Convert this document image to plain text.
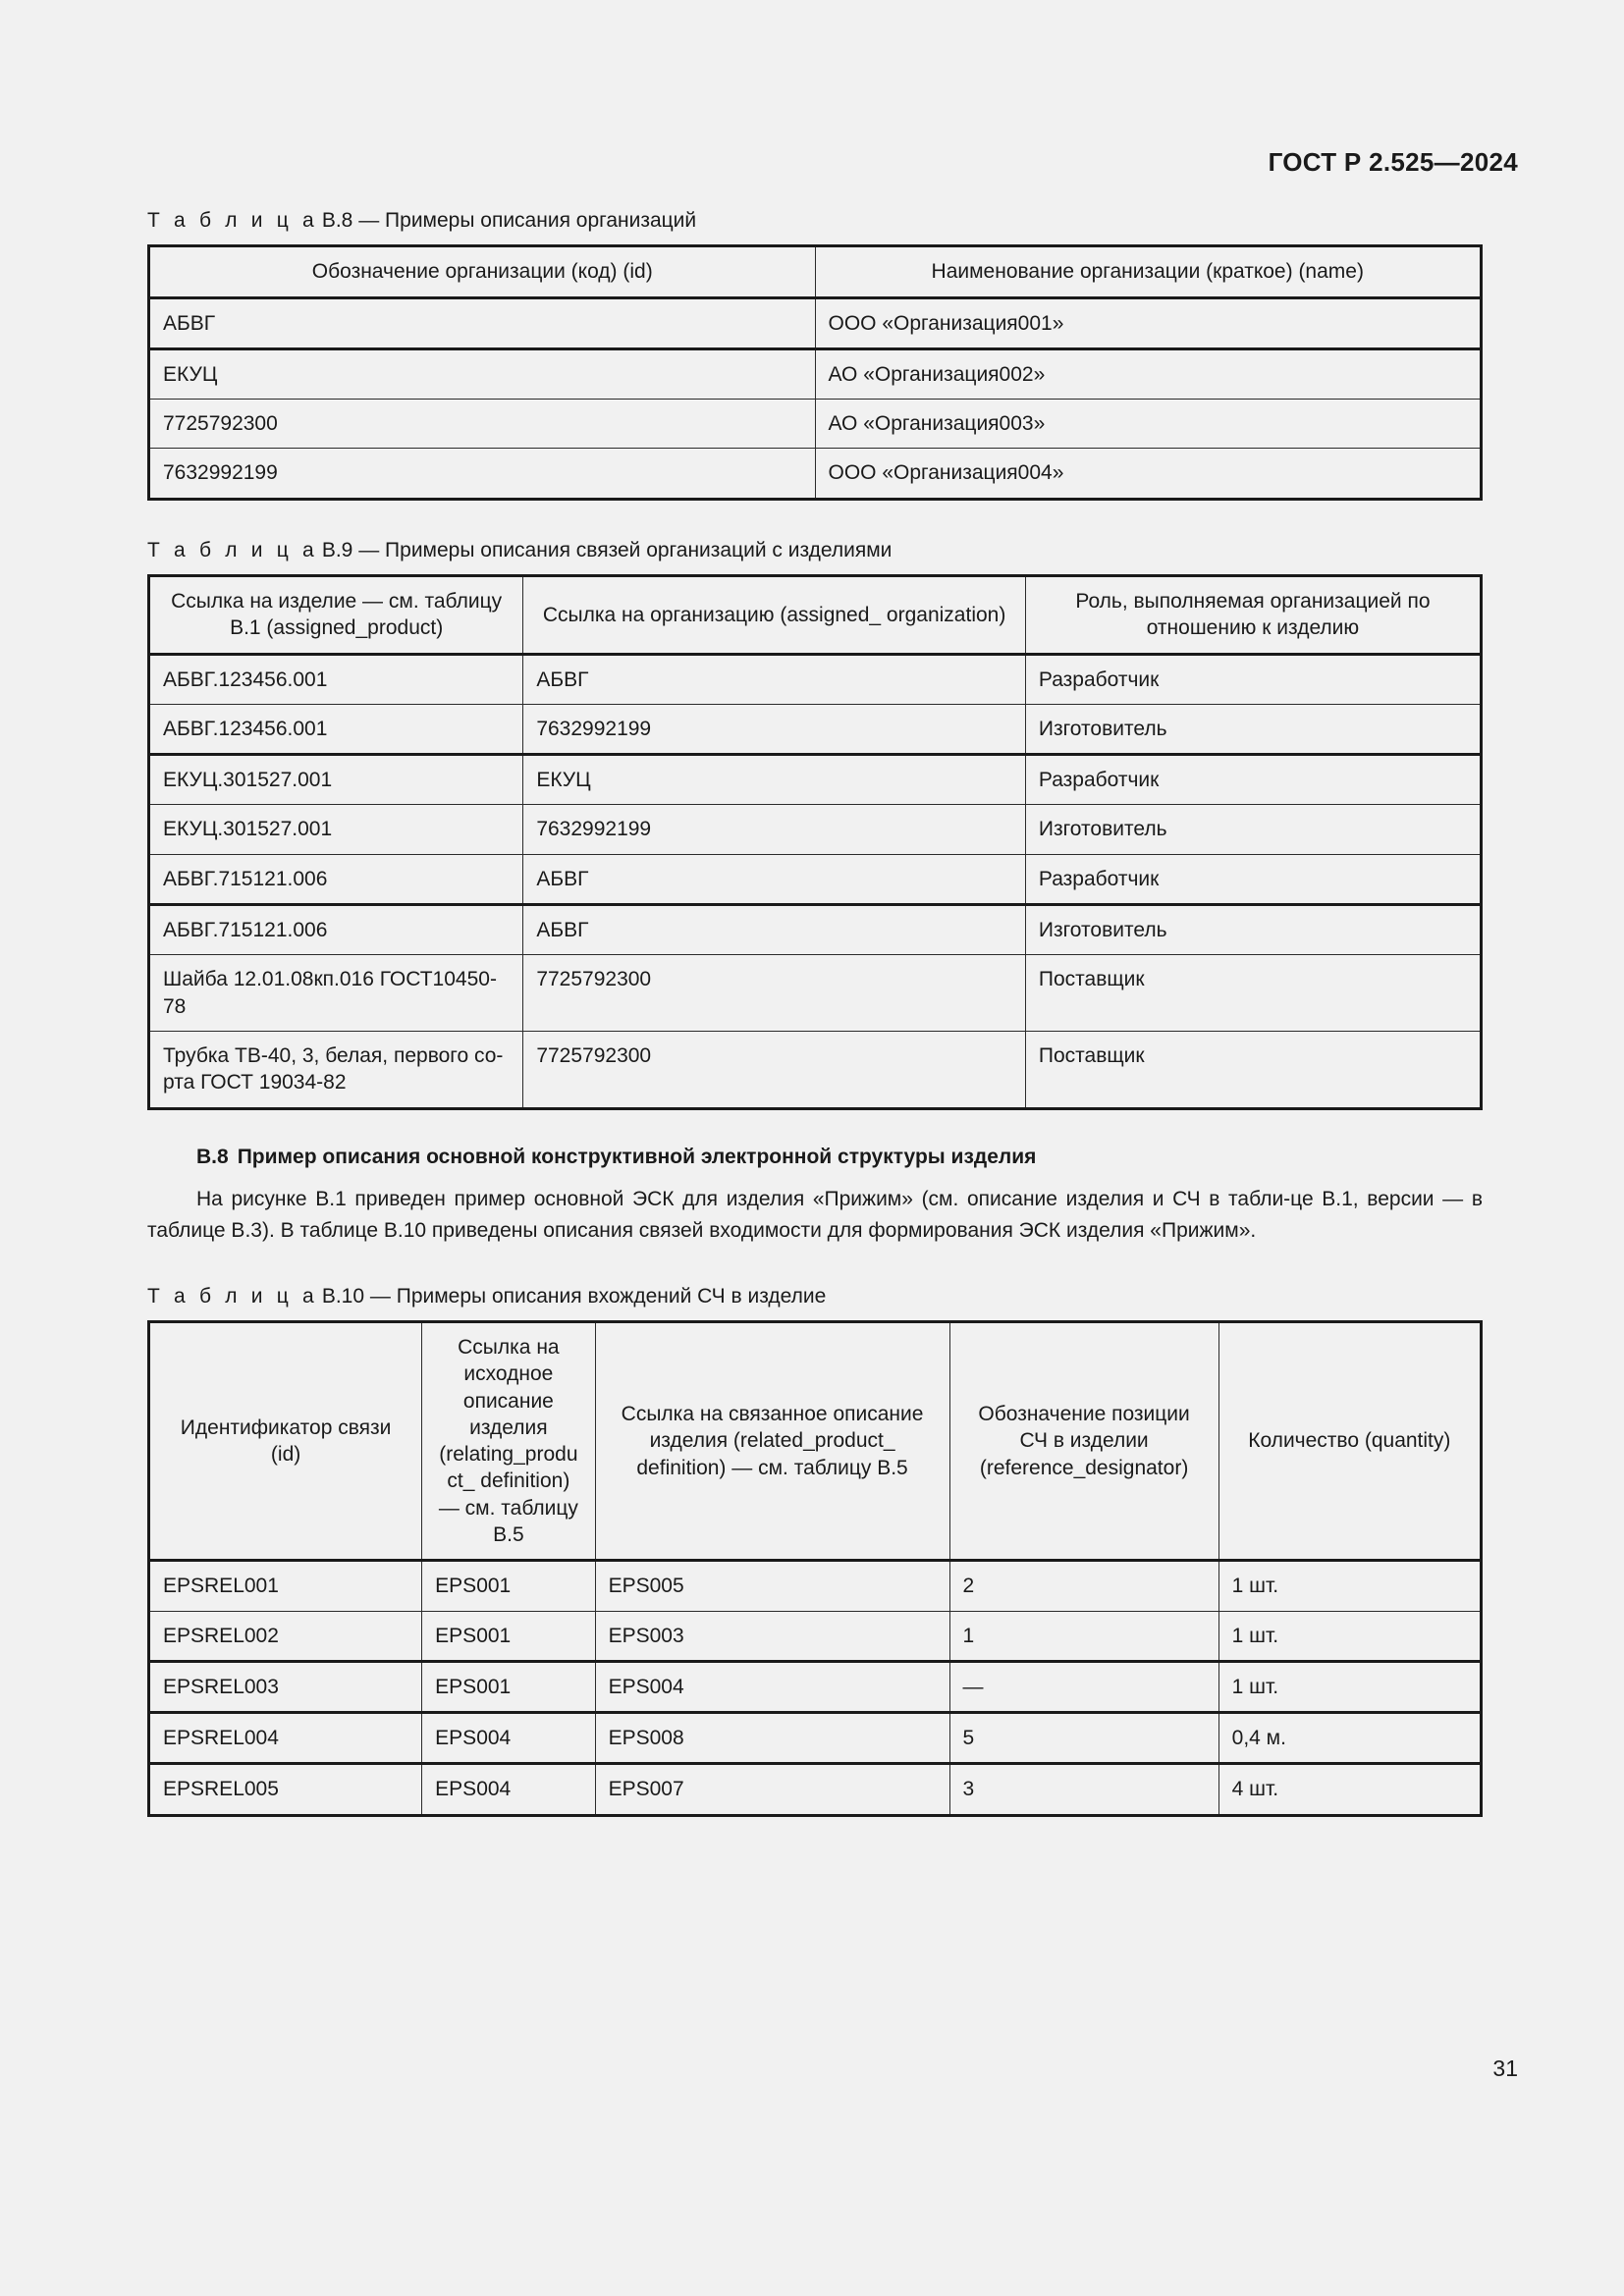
ГОСТ Р 2.525—2024

Т а б л и ц а В.8 — Примеры описания организаций

Обозначение организации (код) (id)	Наименование организации (краткое) (name)
АБВГ	ООО «Организация001»
ЕКУЦ	АО «Организация002»
7725792300	АО «Организация003»
7632992199	ООО «Организация004»

Т а б л и ц а В.9 — Примеры описания связей организаций с изделиями

Ссылка на изделие — см. таблицу В.1 (assigned_product)	Ссылка на организацию (assigned_ organization)	Роль, выполняемая организацией по отношению к изделию
АБВГ.123456.001	АБВГ	Разработчик
АБВГ.123456.001	7632992199	Изготовитель
ЕКУЦ.301527.001	ЕКУЦ	Разработчик
ЕКУЦ.301527.001	7632992199	Изготовитель
АБВГ.715121.006	АБВГ	Разработчик
АБВГ.715121.006	АБВГ	Изготовитель
Шайба 12.01.08кп.016 ГОСТ10450-78	7725792300	Поставщик
Трубка ТВ-40, 3, белая, первого со-рта ГОСТ 19034-82	7725792300	Поставщик
В.8 Пример описания основной конструктивной электронной структуры изделия

На рисунке В.1 приведен пример основной ЭСК для изделия «Прижим» (см. описание изделия и СЧ в табли-це В.1, версии — в таблице В.3). В таблице В.10 приведены описания связей входимости для формирования ЭСК изделия «Прижим».

Т а б л и ц а В.10 — Примеры описания вхождений СЧ в изделие

Идентификатор связи (id)	Ссылка на исходное описание изделия (relating_product_ definition) — см. таблицу В.5	Ссылка на связанное описание изделия (related_product_ definition) — см. таблицу В.5	Обозначение позиции СЧ в изделии (reference_designator)	Количество (quantity)
EPSREL001	EPS001	EPS005	2	1 шт.
EPSREL002	EPS001	EPS003	1	1 шт.
EPSREL003	EPS001	EPS004	—	1 шт.
EPSREL004	EPS004	EPS008	5	0,4 м.
EPSREL005	EPS004	EPS007	3	4 шт.
31
